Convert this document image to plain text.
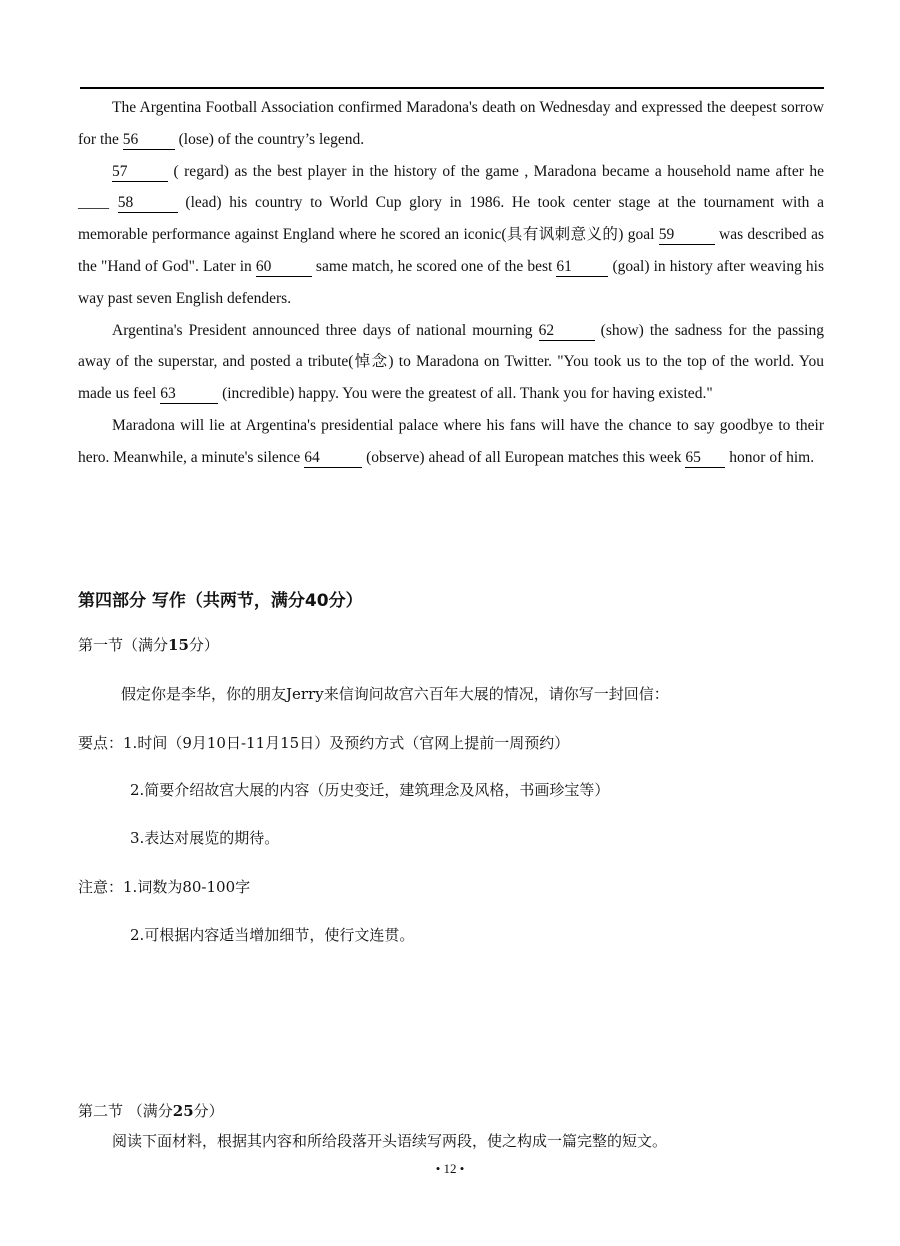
The Argentina Football Association confirmed Maradona's death on Wednesday and expressed the deepest sorrow for the 56 (lose) of the country’s legend.

57	( regard) as the best player in the history of the game , Maradona became a household name after he ____ 58	(lead) his country to World Cup glory in 1986. He took center stage at the tournament with a memorable performance against England where he scored an iconic(具有讽刺意义的) goal 59	was described as the "Hand of God". Later in 60	same match, he scored one of the best 61 (goal) in history after weaving his way past seven English defenders.

Argentina's President announced three days of national mourning 62	(show) the sadness for the passing away of the superstar, and posted a tribute(悼念) to Maradona on Twitter. "You took us to the top of the world. You made us feel 63	(incredible) happy. You were the greatest of all. Thank you for having existed."

Maradona will lie at Argentina's presidential palace where his fans will have the chance to say goodbye to their hero. Meanwhile, a minute's silence 64	(observe) ahead of all European matches this week 65 honor of him.

第四部分 写作（共两节，满分40分）
第一节（满分15分）
假定你是李华，你的朋友Jerry来信询问故宫六百年大展的情况，请你写一封回信：
要点：1.时间（9月10日-11月15日）及预约方式（官网上提前一周预约）
2.简要介绍故宫大展的内容（历史变迁，建筑理念及风格，书画珍宝等）
3.表达对展览的期待。
注意：1.词数为80-100字
2.可根据内容适当增加细节，使行文连贯。
第二节 （满分25分）
阅读下面材料，根据其内容和所给段落开头语续写两段，使之构成一篇完整的短文。
• 12 •
